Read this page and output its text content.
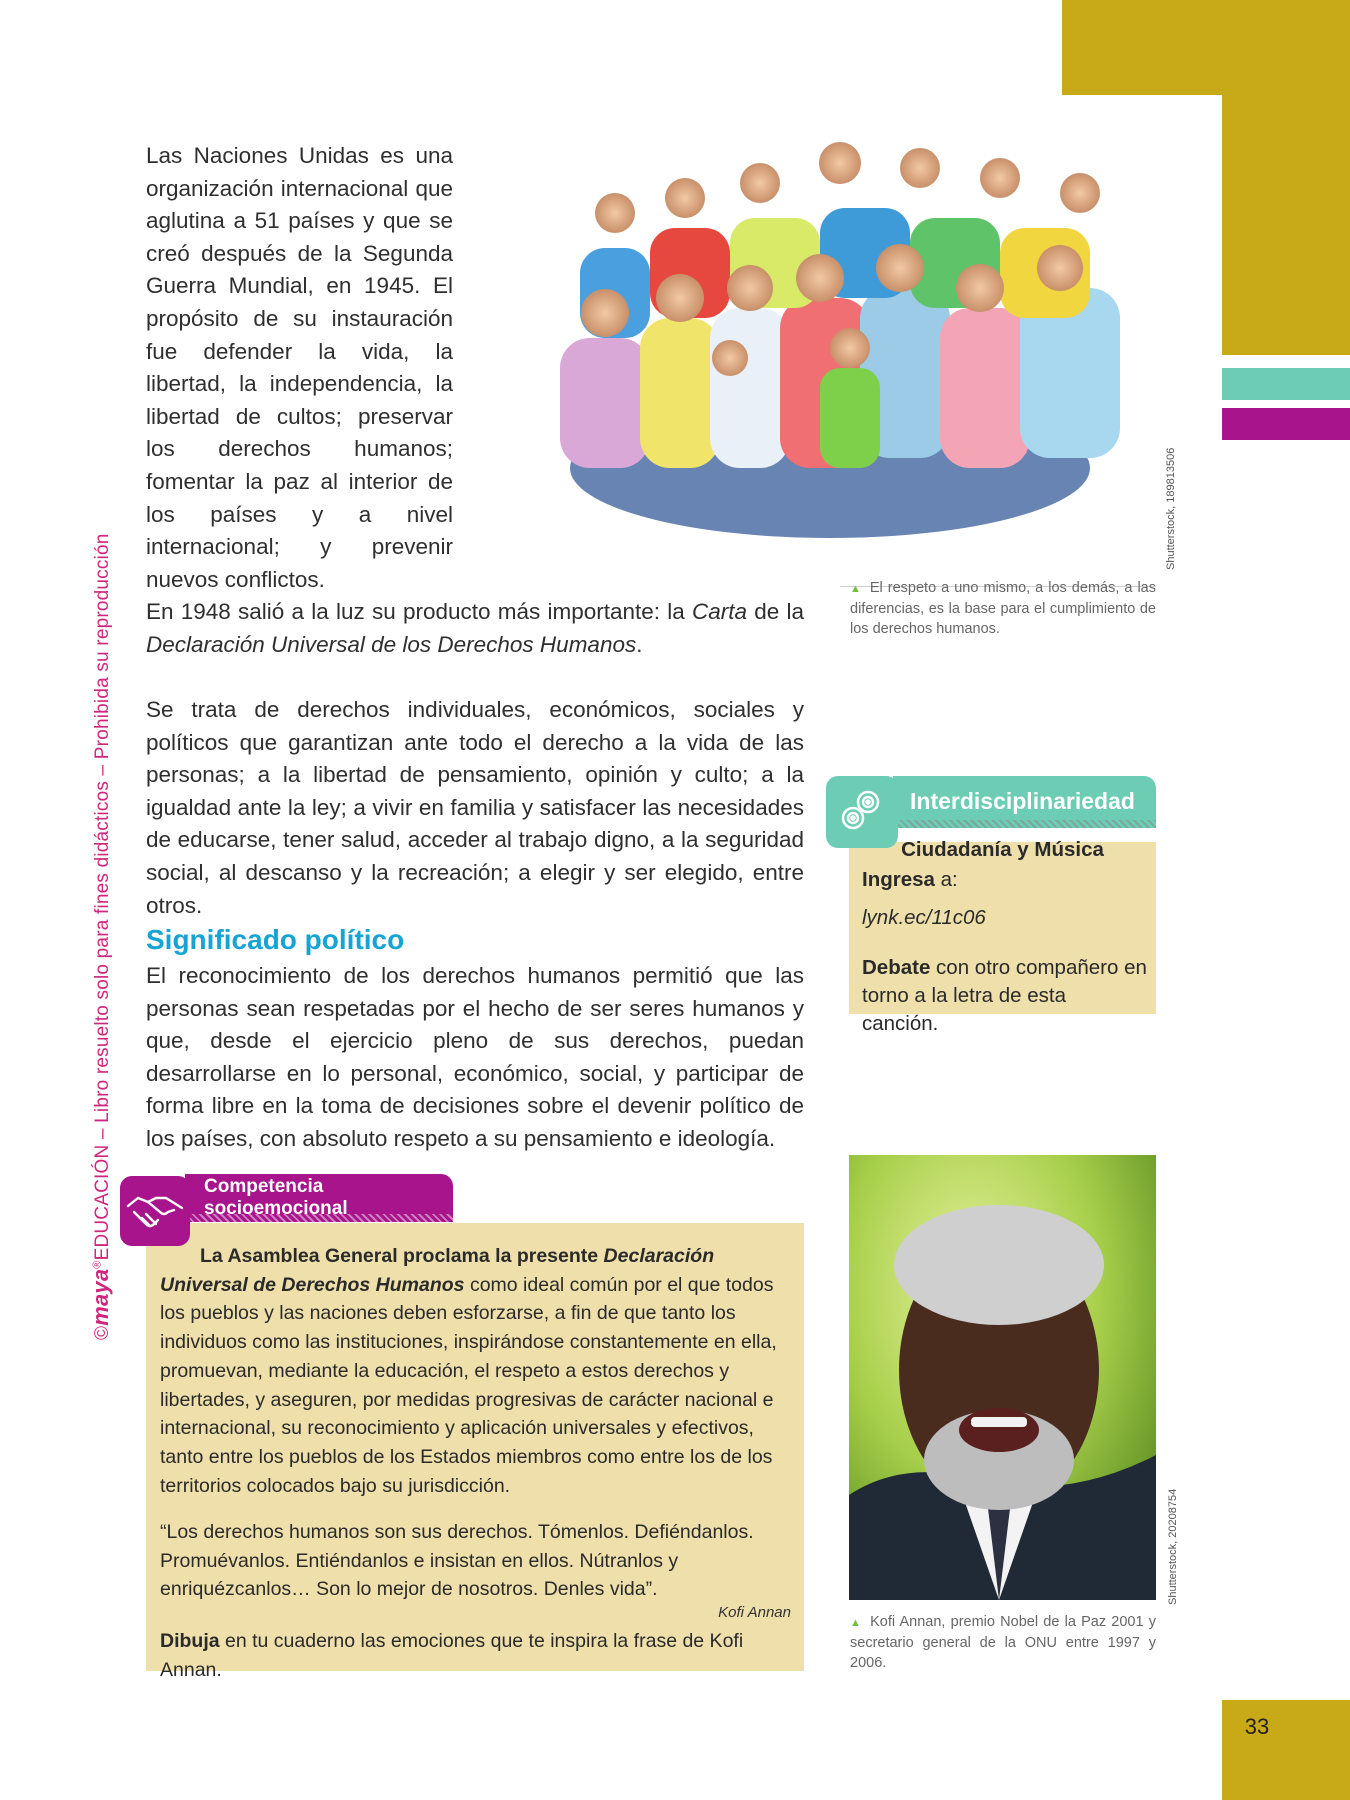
33
©maya®EDUCACIÓN – Libro resuelto solo para fines didácticos – Prohibida su reproducción
Las Naciones Unidas es una organización internacional que aglutina a 51 países y que se creó después de la Segunda Guerra Mundial, en 1945. El propósito de su instauración fue defender la vida, la libertad, la independencia, la libertad de cultos; preservar los derechos humanos; fomentar la paz al interior de los países y a nivel internacional; y prevenir nuevos conflictos.
Shutterstock, 189813506
▲ El respeto a uno mismo, a los demás, a las diferencias, es la base para el cumplimiento de los derechos humanos.
En 1948 salió a la luz su producto más importante: la Carta de la Declaración Universal de los Derechos Humanos.
Se trata de derechos individuales, económicos, sociales y políticos que garantizan ante todo el derecho a la vida de las personas; a la libertad de pensamiento, opinión y culto; a la igualdad ante la ley; a vivir en familia y satisfacer las necesidades de educarse, tener salud, acceder al trabajo digno, a la seguridad social, al descanso y la recreación; a elegir y ser elegido, entre otros.
Significado político
El reconocimiento de los derechos humanos permitió que las personas sean respetadas por el hecho de ser seres humanos y que, desde el ejercicio pleno de sus derechos, puedan desarrollarse en lo personal, económico, social, y participar de forma libre en la toma de decisiones sobre el devenir político de los países, con absoluto respeto a su pensamiento e ideología.
Interdisciplinariedad
Ciudadanía y Música
Ingresa a:
lynk.ec/11c06
Debate con otro compañero en torno a la letra de esta canción.
Shutterstock, 20208754
▲ Kofi Annan, premio Nobel de la Paz 2001 y secretario general de la ONU entre 1997 y 2006.
Competencia
socioemocional
La Asamblea General proclama la presente Declaración Universal de Derechos Humanos como ideal común por el que todos los pueblos y las naciones deben esforzarse, a fin de que tanto los individuos como las instituciones, inspirándose constantemente en ella, promuevan, mediante la educación, el respeto a estos derechos y libertades, y aseguren, por medidas progresivas de carácter nacional e internacional, su reconocimiento y aplicación universales y efectivos, tanto entre los pueblos de los Estados miembros como entre los de los territorios colocados bajo su jurisdicción.
“Los derechos humanos son sus derechos. Tómenlos. Defiéndanlos. Promuévanlos. Entiéndanlos e insistan en ellos. Nútranlos y enriquézcanlos… Son lo mejor de nosotros. Denles vida”.
Kofi Annan
Dibuja en tu cuaderno las emociones que te inspira la frase de Kofi Annan.
